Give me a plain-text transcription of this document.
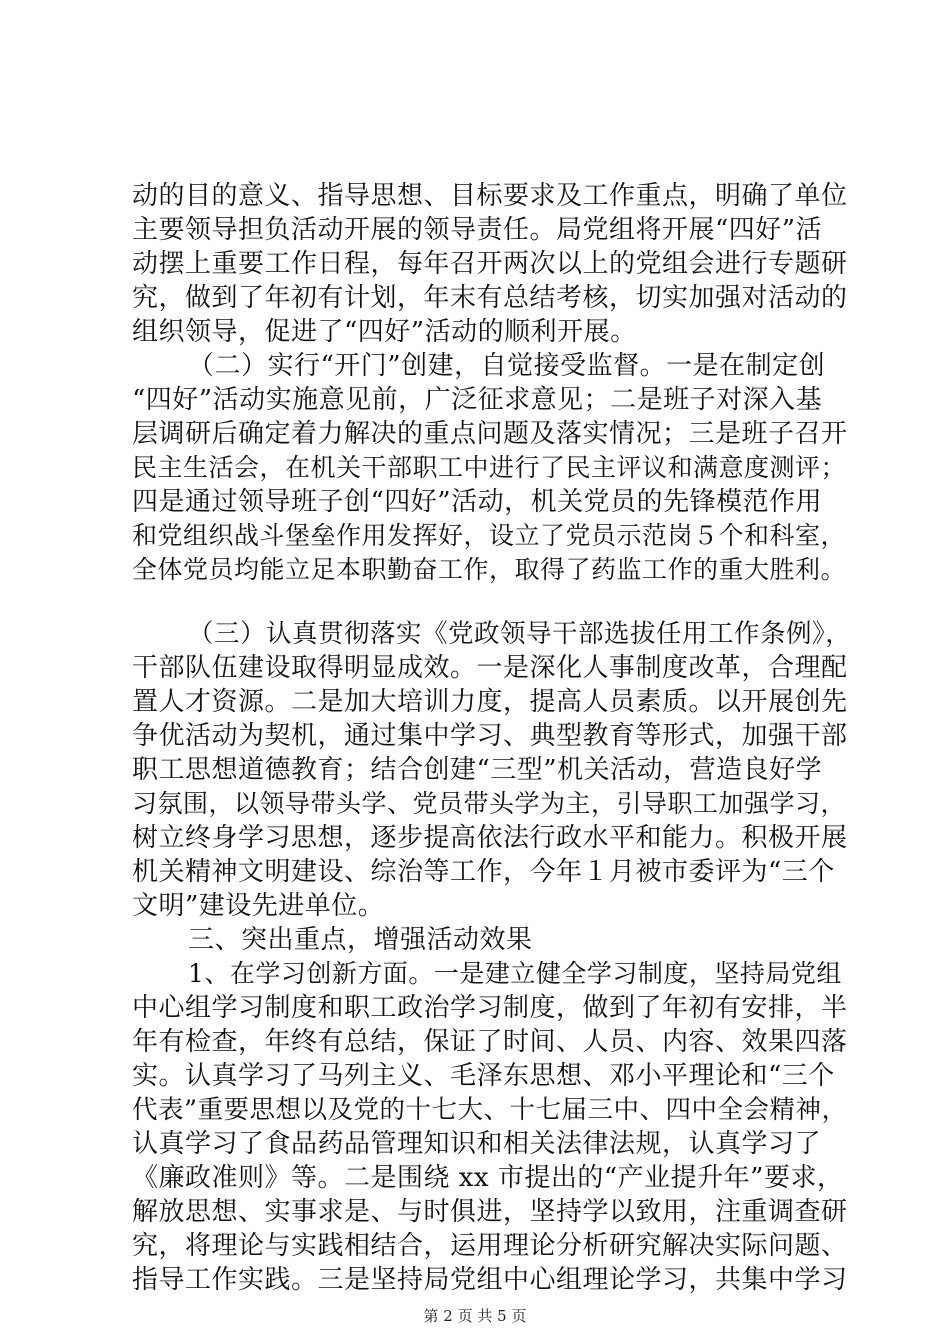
动的目的意义、指导思想、目标要求及工作重点，明确了单位
主要领导担负活动开展的领导责任。局党组将开展“四好”活
动摆上重要工作日程，每年召开两次以上的党组会进行专题研
究，做到了年初有计划，年末有总结考核，切实加强对活动的
组织领导，促进了“四好”活动的顺利开展。
（二）实行“开门”创建，自觉接受监督。一是在制定创
“四好”活动实施意见前，广泛征求意见；二是班子对深入基
层调研后确定着力解决的重点问题及落实情况；三是班子召开
民主生活会，在机关干部职工中进行了民主评议和满意度测评；
四是通过领导班子创“四好”活动，机关党员的先锋模范作用
和党组织战斗堡垒作用发挥好，设立了党员示范岗５个和科室，
全体党员均能立足本职勤奋工作，取得了药监工作的重大胜利。
（三）认真贯彻落实《党政领导干部选拔任用工作条例》，
干部队伍建设取得明显成效。一是深化人事制度改革，合理配
置人才资源。二是加大培训力度，提高人员素质。以开展创先
争优活动为契机，通过集中学习、典型教育等形式，加强干部
职工思想道德教育；结合创建“三型”机关活动，营造良好学
习氛围，以领导带头学、党员带头学为主，引导职工加强学习，
树立终身学习思想，逐步提高依法行政水平和能力。积极开展
机关精神文明建设、综治等工作，今年１月被市委评为“三个
文明”建设先进单位。
三、突出重点，增强活动效果
1、在学习创新方面。一是建立健全学习制度，坚持局党组
中心组学习制度和职工政治学习制度，做到了年初有安排，半
年有检查，年终有总结，保证了时间、人员、内容、效果四落
实。认真学习了马列主义、毛泽东思想、邓小平理论和“三个
代表”重要思想以及党的十七大、十七届三中、四中全会精神，
认真学习了食品药品管理知识和相关法律法规，认真学习了
《廉政准则》等。二是围绕 xx 市提出的“产业提升年”要求，
解放思想、实事求是、与时俱进，坚持学以致用，注重调查研
究，将理论与实践相结合，运用理论分析研究解决实际问题、
指导工作实践。三是坚持局党组中心组理论学习，共集中学习
第 2 页 共 5 页
